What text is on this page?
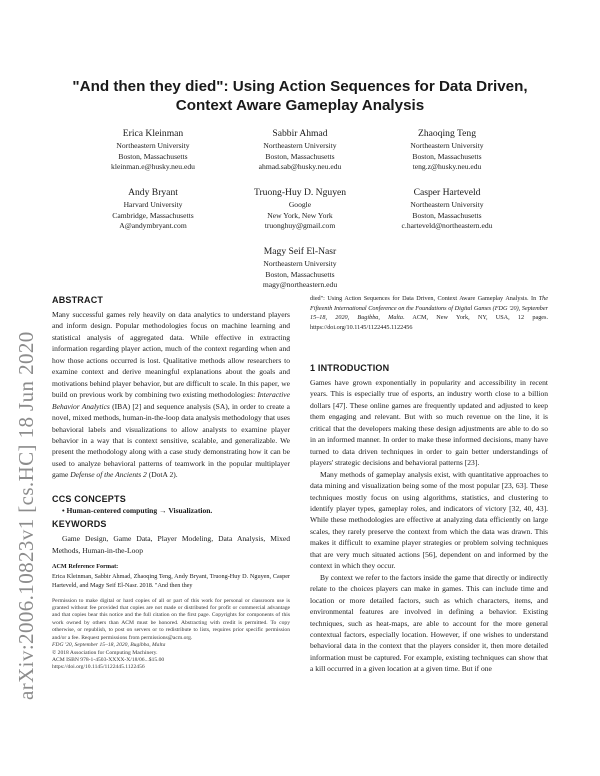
arXiv:2006.10823v1 [cs.HC] 18 Jun 2020
"And then they died": Using Action Sequences for Data Driven,
Context Aware Gameplay Analysis
Erica Kleinman
Northeastern University
Boston, Massachusetts
kleinman.e@husky.neu.edu
Sabbir Ahmad
Northeastern University
Boston, Massachusetts
ahmad.sab@husky.neu.edu
Zhaoqing Teng
Northeastern University
Boston, Massachusetts
teng.z@husky.neu.edu
Andy Bryant
Harvard University
Cambridge, Massachusetts
A@andymbryant.com
Truong-Huy D. Nguyen
Google
New York, New York
truonghuy@gmail.com
Casper Harteveld
Northeastern University
Boston, Massachusetts
c.harteveld@northeastern.edu
Magy Seif El-Nasr
Northeastern University
Boston, Massachusetts
magy@northeastern.edu
ABSTRACT

Many successful games rely heavily on data analytics to understand players and inform design. Popular methodologies focus on machine learning and statistical analysis of aggregated data. While effective in extracting information regarding player action, much of the context regarding when and how those actions occurred is lost. Qualitative methods allow researchers to examine context and derive meaningful explanations about the goals and motivations behind player behavior, but are difficult to scale. In this paper, we build on previous work by combining two existing methodologies: Interactive Behavior Analytics (IBA) [2] and sequence analysis (SA), in order to create a novel, mixed methods, human-in-the-loop data analysis methodology that uses behavioral labels and visualizations to allow analysts to examine player behavior in a way that is context sensitive, scalable, and generalizable. We present the methodology along with a case study demonstrating how it can be used to analyze behavioral patterns of teamwork in the popular multiplayer game Defense of the Ancients 2 (DotA 2).

CCS CONCEPTS

• Human-centered computing → Visualization.

KEYWORDS

Game Design, Game Data, Player Modeling, Data Analysis, Mixed Methods, Human-in-the-Loop

ACM Reference Format:

Erica Kleinman, Sabbir Ahmad, Zhaoqing Teng, Andy Bryant, Truong-Huy D. Nguyen, Casper Harteveld, and Magy Seif El-Nasr. 2018. "And then they

Permission to make digital or hard copies of all or part of this work for personal or classroom use is granted without fee provided that copies are not made or distributed for profit or commercial advantage and that copies bear this notice and the full citation on the first page. Copyrights for components of this work owned by others than ACM must be honored. Abstracting with credit is permitted. To copy otherwise, or republish, to post on servers or to redistribute to lists, requires prior specific permission and/or a fee. Request permissions from permissions@acm.org.

FDG '20, September 15–18, 2020, Bugibba, Malta

© 2018 Association for Computing Machinery.

ACM ISBN 978-1-4503-XXXX-X/18/06...$15.00

https://doi.org/10.1145/1122445.1122456

died": Using Action Sequences for Data Driven, Context Aware Gameplay Analysis. In The Fifteenth International Conference on the Foundations of Digital Games (FDG '20), September 15–18, 2020, Bugibba, Malta. ACM, New York, NY, USA, 12 pages. https://doi.org/10.1145/1122445.1122456

1 INTRODUCTION

Games have grown exponentially in popularity and accessibility in recent years. This is especially true of esports, an industry worth close to a billion dollars [47]. These online games are frequently updated and adjusted to keep them engaging and relevant. But with so much revenue on the line, it is critical that the developers making these design adjustments are able to do so in an informed manner. In order to make these informed decisions, many have turned to data driven techniques in order to gain better understandings of players' strategic decisions and behavioral patterns [23].

Many methods of gameplay analysis exist, with quantitative approaches to data mining and visualization being some of the most popular [23, 63]. These techniques mostly focus on using algorithms, statistics, and clustering to identify player types, gameplay roles, and indicators of victory [32, 40, 43]. While these methodologies are effective at analyzing data efficiently on large scales, they rarely preserve the context from which the data was drawn. This makes it difficult to examine player strategies or problem solving techniques that are very much situated actions [56], dependent on and informed by the context in which they occur.

By context we refer to the factors inside the game that directly or indirectly relate to the choices players can make in games. This can include time and location or more detailed factors, such as which characters, items, and environmental features are involved in defining a behavior. Existing techniques, such as heat-maps, are able to account for the more general contextual factors, especially location. However, if one wishes to understand behavioral data in the context that the players consider it, then more detailed information must be captured. For example, existing techniques can show that a kill occurred in a given location at a given time. But if one
